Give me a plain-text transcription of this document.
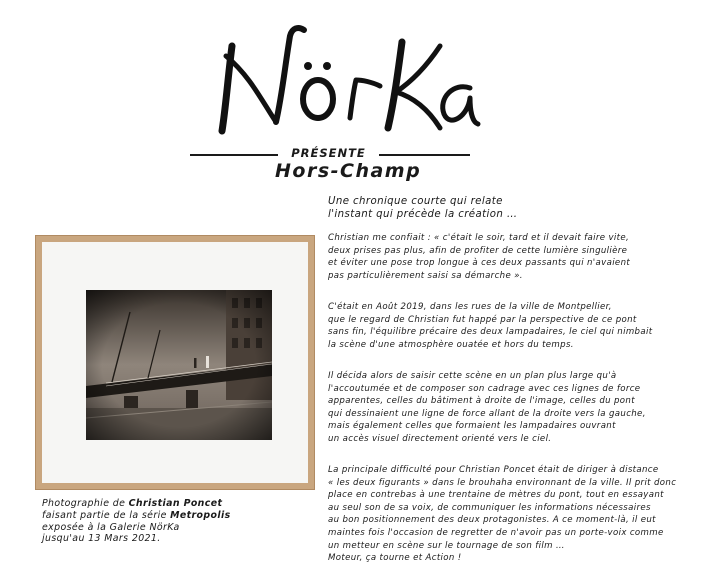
PRÉSENTE
Hors-Champ
Une chronique courte qui relate
l'instant qui précède la création …
Christian me confiait : « c'était le soir, tard et il devait faire vite,
deux prises pas plus, afin de profiter de cette lumière singulière
et éviter une pose trop longue à ces deux passants qui n'avaient
pas particulièrement saisi sa démarche ».
C'était en Août 2019, dans les rues de la ville de Montpellier,
que le regard de Christian fut happé par la perspective de ce pont
sans fin, l'équilibre précaire des deux lampadaires, le ciel qui nimbait
la scène d'une atmosphère ouatée et hors du temps.
Il décida alors de saisir cette scène en un plan plus large qu'à
l'accoutumée et de composer son cadrage avec ces lignes de force
apparentes, celles du bâtiment à droite de l'image, celles du pont
qui dessinaient une ligne de force allant de la droite vers la gauche,
mais également celles que formaient les lampadaires ouvrant
un accès visuel directement orienté vers le ciel.
La principale difficulté pour Christian Poncet était de diriger à distance
« les deux figurants » dans le brouhaha environnant de la ville. Il prit donc
place en contrebas à une trentaine de mètres du pont, tout en essayant
au seul son de sa voix, de communiquer les informations nécessaires
au bon positionnement des deux protagonistes. A ce moment-là, il eut
maintes fois l'occasion de regretter de n'avoir pas un porte-voix comme
un metteur en scène sur le tournage de son film …
Moteur, ça tourne et Action !
Photographie de Christian Poncet
faisant partie de la série Metropolis
exposée à la Galerie NörKa
jusqu'au 13 Mars 2021.
